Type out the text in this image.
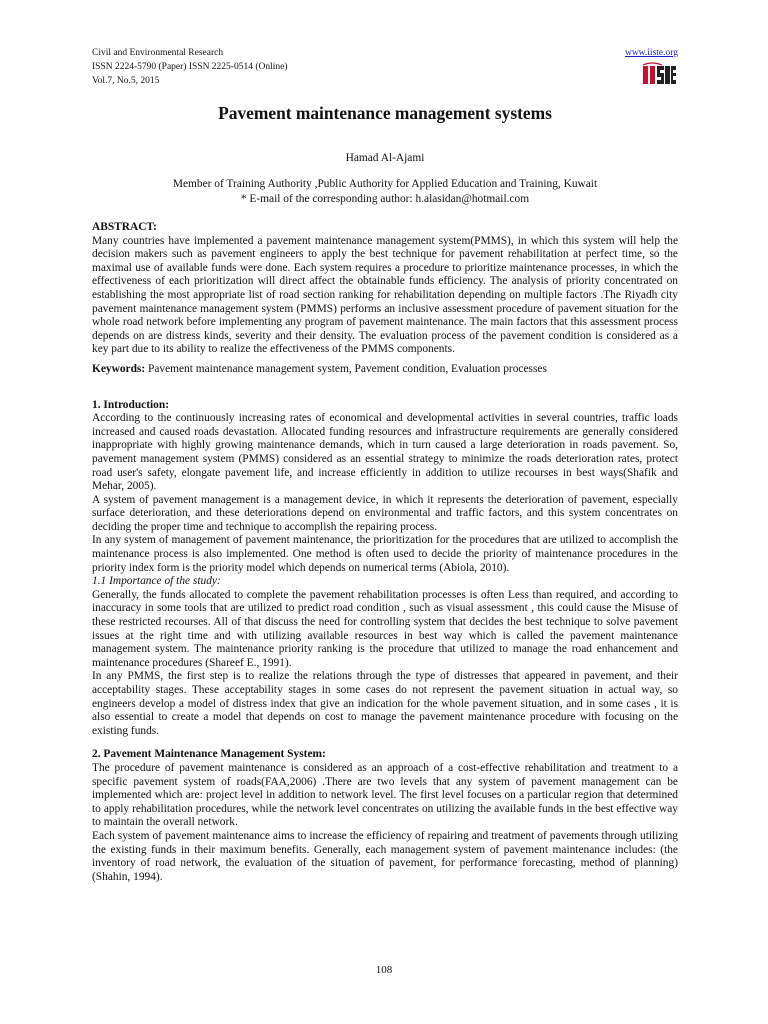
Civil and Environmental Research
ISSN 2224-5790 (Paper) ISSN 2225-0514 (Online)
Vol.7, No.5, 2015
www.iiste.org
Pavement maintenance management systems
Hamad Al-Ajami
Member of Training Authority ,Public Authority for Applied Education and Training, Kuwait
* E-mail of the corresponding author: h.alasidan@hotmail.com

ABSTRACT:

Many countries have implemented a pavement maintenance management system(PMMS), in which this system will help the decision makers such as pavement engineers to apply the best technique for pavement rehabilitation at perfect time, so the maximal use of available funds were done. Each system requires a procedure to prioritize maintenance processes, in which the effectiveness of each prioritization will direct affect the obtainable funds efficiency. The analysis of priority concentrated on establishing the most appropriate list of road section ranking for rehabilitation depending on multiple factors .The Riyadh city pavement maintenance management system (PMMS) performs an inclusive assessment procedure of pavement situation for the whole road network before implementing any program of pavement maintenance. The main factors that this assessment process depends on are distress kinds, severity and their density. The evaluation process of the pavement condition is considered as a key part due to its ability to realize the effectiveness of the PMMS components.

Keywords: Pavement maintenance management system, Pavement condition, Evaluation processes

1. Introduction:

According to the continuously increasing rates of economical and developmental activities in several countries, traffic loads increased and caused roads devastation. Allocated funding resources and infrastructure requirements are generally considered inappropriate with highly growing maintenance demands, which in turn caused a large deterioration in roads pavement. So, pavement management system (PMMS) considered as an essential strategy to minimize the roads deterioration rates, protect road user's safety, elongate pavement life, and increase efficiently in addition to utilize recourses in best ways(Shafik and Mehar, 2005).

A system of pavement management is a management device, in which it represents the deterioration of pavement, especially surface deterioration, and these deteriorations depend on environmental and traffic factors, and this system concentrates on deciding the proper time and technique to accomplish the repairing process.

In any system of management of pavement maintenance, the prioritization for the procedures that are utilized to accomplish the maintenance process is also implemented. One method is often used to decide the priority of maintenance procedures in the priority index form is the priority model which depends on numerical terms (Abiola, 2010).

1.1 Importance of the study:

Generally, the funds allocated to complete the pavement rehabilitation processes is often Less than required, and according to inaccuracy in some tools that are utilized to predict road condition , such as visual assessment , this could cause the Misuse of these restricted recourses. All of that discuss the need for controlling system that decides the best technique to solve pavement issues at the right time and with utilizing available resources in best way which is called the pavement maintenance management system. The maintenance priority ranking is the procedure that utilized to manage the road enhancement and maintenance procedures (Shareef E., 1991).

In any PMMS, the first step is to realize the relations through the type of distresses that appeared in pavement, and their acceptability stages. These acceptability stages in some cases do not represent the pavement situation in actual way, so engineers develop a model of distress index that give an indication for the whole pavement situation, and in some cases , it is also essential to create a model that depends on cost to manage the pavement maintenance procedure with focusing on the existing funds.

2. Pavement Maintenance Management System:

The procedure of pavement maintenance is considered as an approach of a cost-effective rehabilitation and treatment to a specific pavement system of roads(FAA,2006) .There are two levels that any system of pavement management can be implemented which are: project level in addition to network level. The first level focuses on a particular region that determined to apply rehabilitation procedures, while the network level concentrates on utilizing the available funds in the best effective way to maintain the overall network.

Each system of pavement maintenance aims to increase the efficiency of repairing and treatment of pavements through utilizing the existing funds in their maximum benefits. Generally, each management system of pavement maintenance includes: (the inventory of road network, the evaluation of the situation of pavement, for performance forecasting, method of planning) (Shahin, 1994).

108
